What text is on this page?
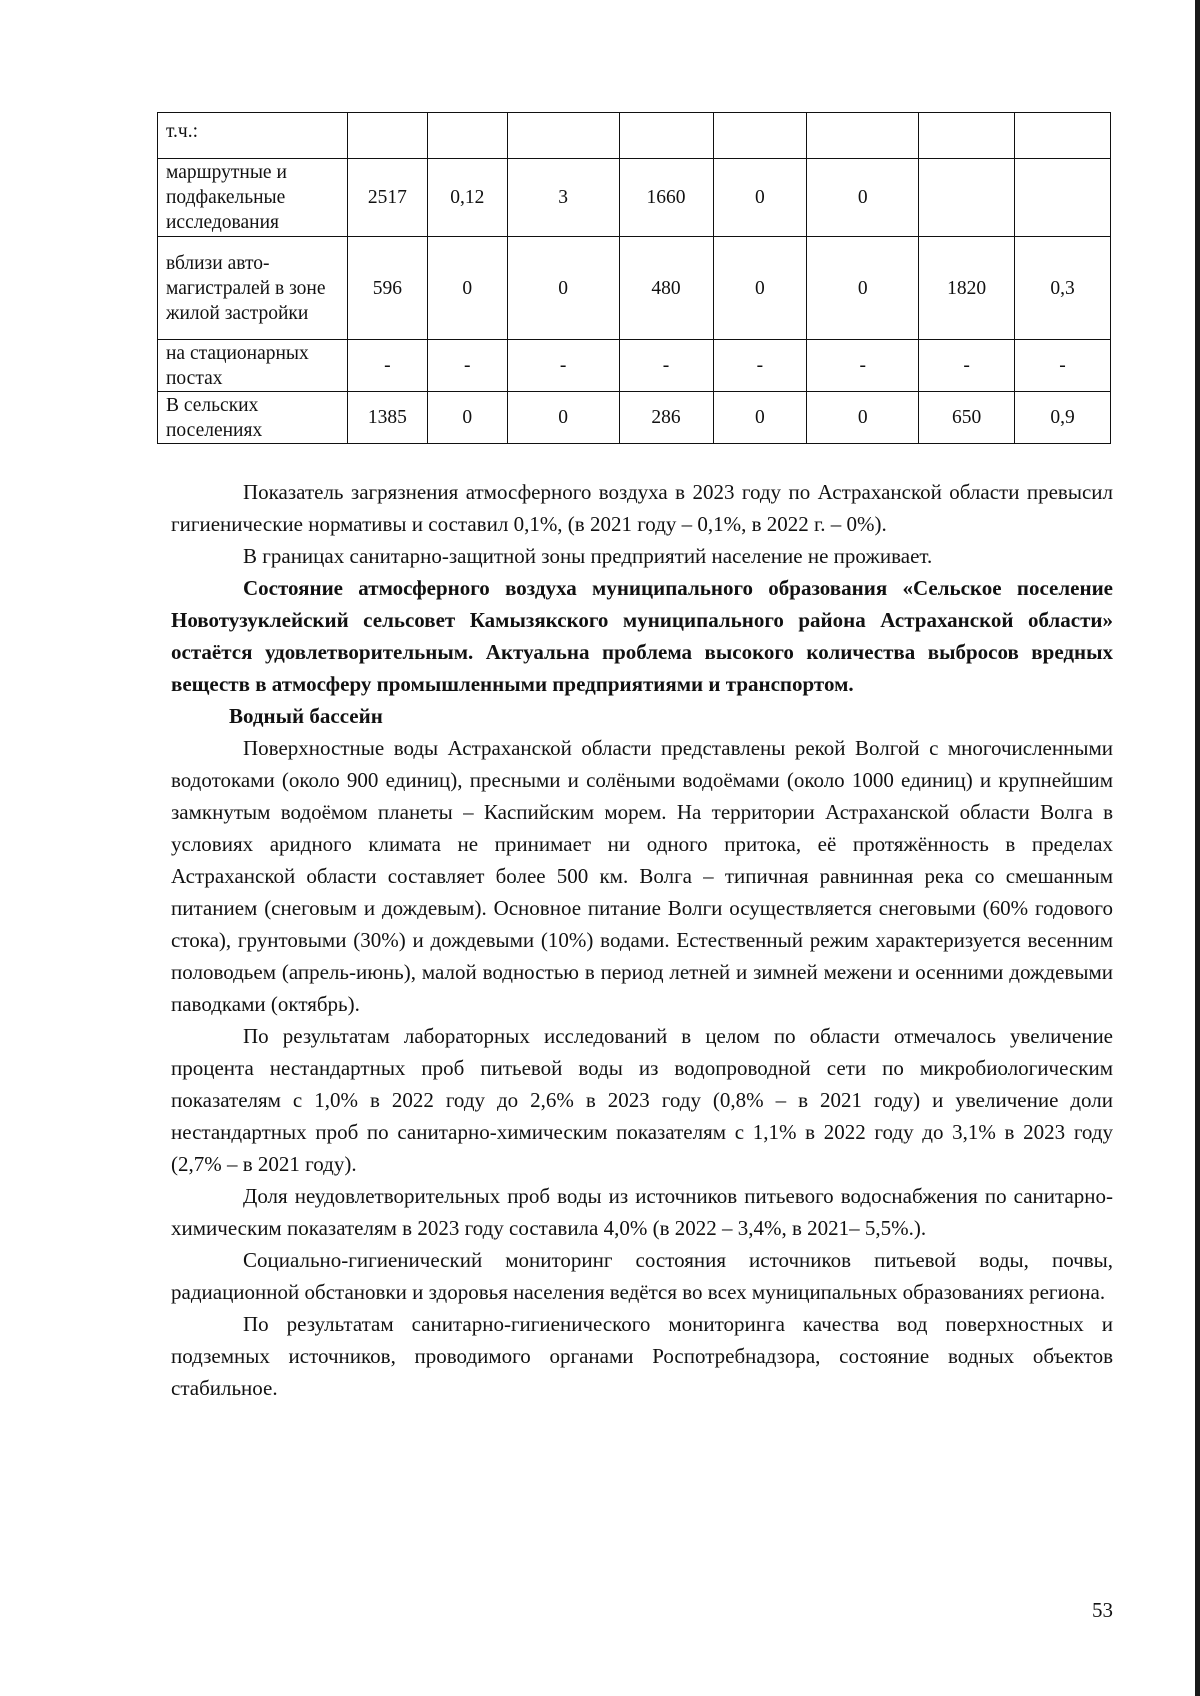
т.ч.:								
маршрутные и подфакельные исследования	2517	0,12	3	1660	0	0		
вблизи авто-магистралей в зоне жилой застройки	596	0	0	480	0	0	1820	0,3
на стационарных постах	-	-	-	-	-	-	-	-
В сельских поселениях	1385	0	0	286	0	0	650	0,9

Показатель загрязнения атмосферного воздуха в 2023 году по Астраханской области превысил гигиенические нормативы и составил 0,1%, (в 2021 году – 0,1%, в 2022 г. – 0%).

В границах санитарно-защитной зоны предприятий население не проживает.

Состояние атмосферного воздуха муниципального образования «Сельское поселение Новотузуклейский сельсовет Камызякского муниципального района Астраханской области» остаётся удовлетворительным. Актуальна проблема высокого количества выбросов вредных веществ в атмосферу промышленными предприятиями и транспортом.

Водный бассейн

Поверхностные воды Астраханской области представлены рекой Волгой с многочисленными водотоками (около 900 единиц), пресными и солёными водоёмами (около 1000 единиц) и крупнейшим замкнутым водоёмом планеты – Каспийским морем. На территории Астраханской области Волга в условиях аридного климата не принимает ни одного притока, её протяжённость в пределах Астраханской области составляет более 500 км. Волга – типичная равнинная река со смешанным питанием (снеговым и дождевым). Основное питание Волги осуществляется снеговыми (60% годового стока), грунтовыми (30%) и дождевыми (10%) водами. Естественный режим характеризуется весенним половодьем (апрель-июнь), малой водностью в период летней и зимней межени и осенними дождевыми паводками (октябрь).

По результатам лабораторных исследований в целом по области отмечалось увеличение процента нестандартных проб питьевой воды из водопроводной сети по микробиологическим показателям с 1,0% в 2022 году до 2,6% в 2023 году (0,8% – в 2021 году) и увеличение доли нестандартных проб по санитарно-химическим показателям с 1,1% в 2022 году до 3,1% в 2023 году (2,7% – в 2021 году).

Доля неудовлетворительных проб воды из источников питьевого водоснабжения по санитарно-химическим показателям в 2023 году составила 4,0% (в 2022 – 3,4%, в 2021– 5,5%.).

Социально-гигиенический мониторинг состояния источников питьевой воды, почвы, радиационной обстановки и здоровья населения ведётся во всех муниципальных образованиях региона.

По результатам санитарно-гигиенического мониторинга качества вод поверхностных и подземных источников, проводимого органами Роспотребнадзора, состояние водных объектов стабильное.

53
